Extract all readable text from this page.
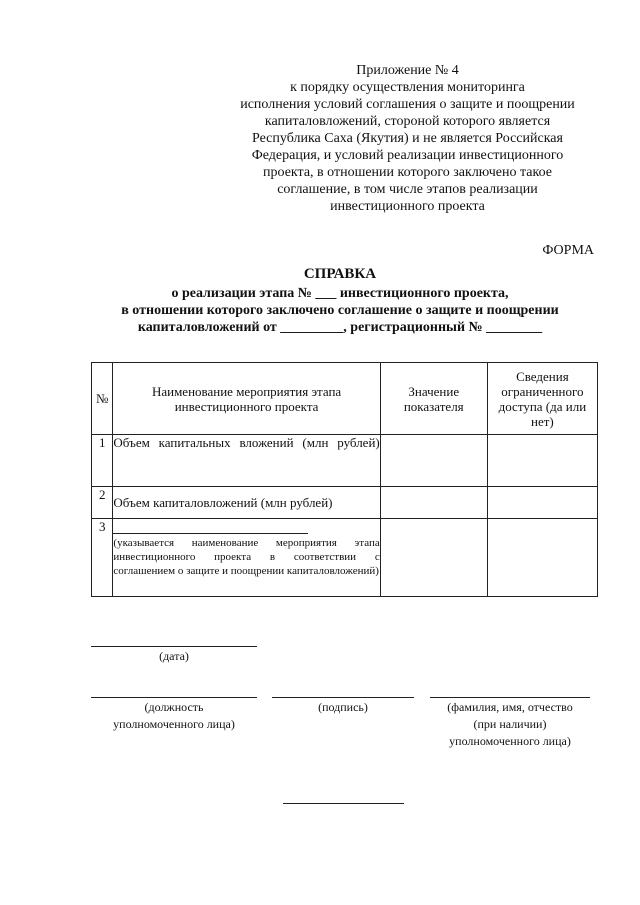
Приложение № 4
к порядку осуществления мониторинга
исполнения условий соглашения о защите и поощрении
капиталовложений, стороной которого является
Республика Саха (Якутия) и не является Российская
Федерация, и условий реализации инвестиционного
проекта, в отношении которого заключено такое
соглашение, в том числе этапов реализации
инвестиционного проекта
ФОРМА
СПРАВКА
о реализации этапа № ___ инвестиционного проекта,
в отношении которого заключено соглашение о защите и поощрении
капиталовложений от _________, регистрационный № ________
№	Наименование мероприятия этапа инвестиционного проекта	Значение показателя	Сведения ограниченного доступа (да или нет)
1	Объем капитальных вложений (млн рублей)		
2	Объем капиталовложений (млн рублей)		
3	(указывается наименование мероприятия этапа инвестиционного проекта в соответствии с соглашением о защите и поощрении капиталовложений)		

(дата)
(должность
уполномоченного лица)
(подпись)	(фамилия, имя, отчество
(при наличии)
уполномоченного лица)
